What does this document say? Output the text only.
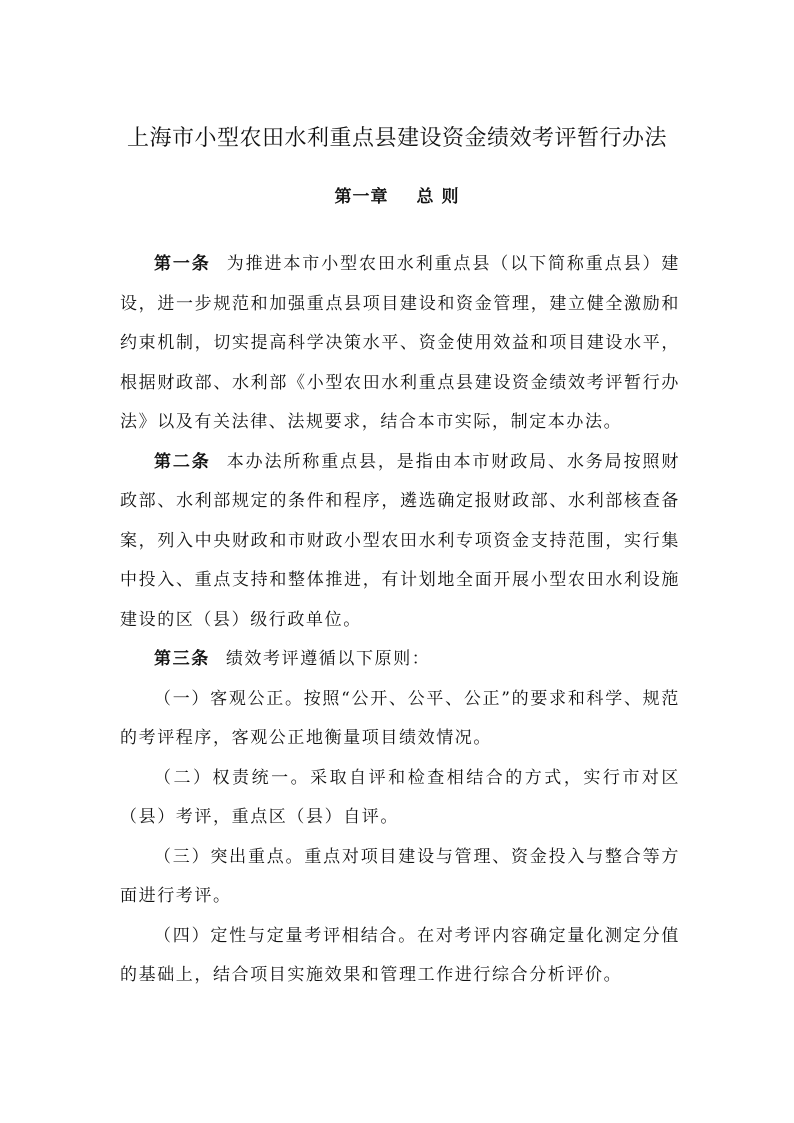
上海市小型农田水利重点县建设资金绩效考评暂行办法
第一章 总 则

第一条 为推进本市小型农田水利重点县（以下简称重点县）建设，进一步规范和加强重点县项目建设和资金管理，建立健全激励和约束机制，切实提高科学决策水平、资金使用效益和项目建设水平，根据财政部、水利部《小型农田水利重点县建设资金绩效考评暂行办法》以及有关法律、法规要求，结合本市实际，制定本办法。

第二条 本办法所称重点县，是指由本市财政局、水务局按照财政部、水利部规定的条件和程序，遴选确定报财政部、水利部核查备案，列入中央财政和市财政小型农田水利专项资金支持范围，实行集中投入、重点支持和整体推进，有计划地全面开展小型农田水利设施建设的区（县）级行政单位。

第三条 绩效考评遵循以下原则：

（一）客观公正。按照“公开、公平、公正”的要求和科学、规范的考评程序，客观公正地衡量项目绩效情况。

（二）权责统一。采取自评和检查相结合的方式，实行市对区（县）考评，重点区（县）自评。

（三）突出重点。重点对项目建设与管理、资金投入与整合等方面进行考评。

（四）定性与定量考评相结合。在对考评内容确定量化测定分值的基础上，结合项目实施效果和管理工作进行综合分析评价。
